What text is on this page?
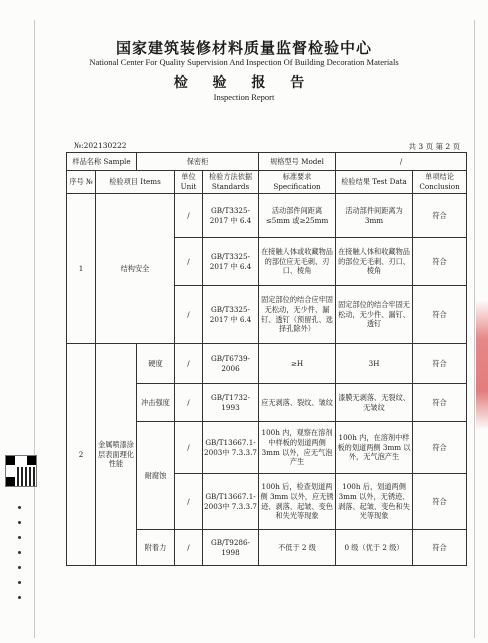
国家建筑装修材料质量监督检验中心
National Center For Quality Supervision And Inspection Of Building Decoration Materials
检 验 报 告
Inspection Report
№:202130222	共 3 页 第 2 页
样品名称 Sample		保密柜			规格型号 Model	/	
序号 №	检验项目 Items		单位 Unit	检验方法依据 Standards	标准要求 Specification	检验结果 Test Data	单项结论 Conclusion
1	结构安全		/	GB/T3325-2017 中 6.4	活动部件间距离 ≤5mm 或≥25mm	活动部件间距离为 3mm	符合
			/	GB/T3325-2017 中 6.4	在接触人体或收藏物品的部位应无毛刺、刃口、棱角	在接触人体和收藏物品的部位无毛刺、刃口、棱角	符合
			/	GB/T3325-2017 中 6.4	固定部位的结合应牢固无松动，无少件、漏钉、透钉（预留孔、选择孔除外）	固定部位的结合牢固无松动，无少件、漏钉、透钉	符合
2	金属喷漆涂层表面理化性能	硬度	/	GB/T6739-2006	≥H	3H	符合
		冲击强度	/	GB/T1732-1993	应无剥落、裂纹、皱纹	漆膜无剥落、无裂纹、无皱纹	符合
		耐腐蚀	/	GB/T13667.1-2003中 7.3.3.7	100h 内，观察在溶剂中样板的划道两侧 3mm 以外，应无气泡产生	100h 内，在溶剂中样板的划道两侧 3mm 以外，无气泡产生	符合
			/	GB/T13667.1-2003中 7.3.3.7	100h 后，检查划道两侧 3mm 以外，应无锈迹、剥落、起皱、变色和失光等现象	100h 后，划道两侧 3mm 以外，无锈迹、剥落、起皱、变色和失光等现象	符合
		附着力	/	GB/T9286-1998	不低于 2 级	0 级（优于 2 级）	符合
